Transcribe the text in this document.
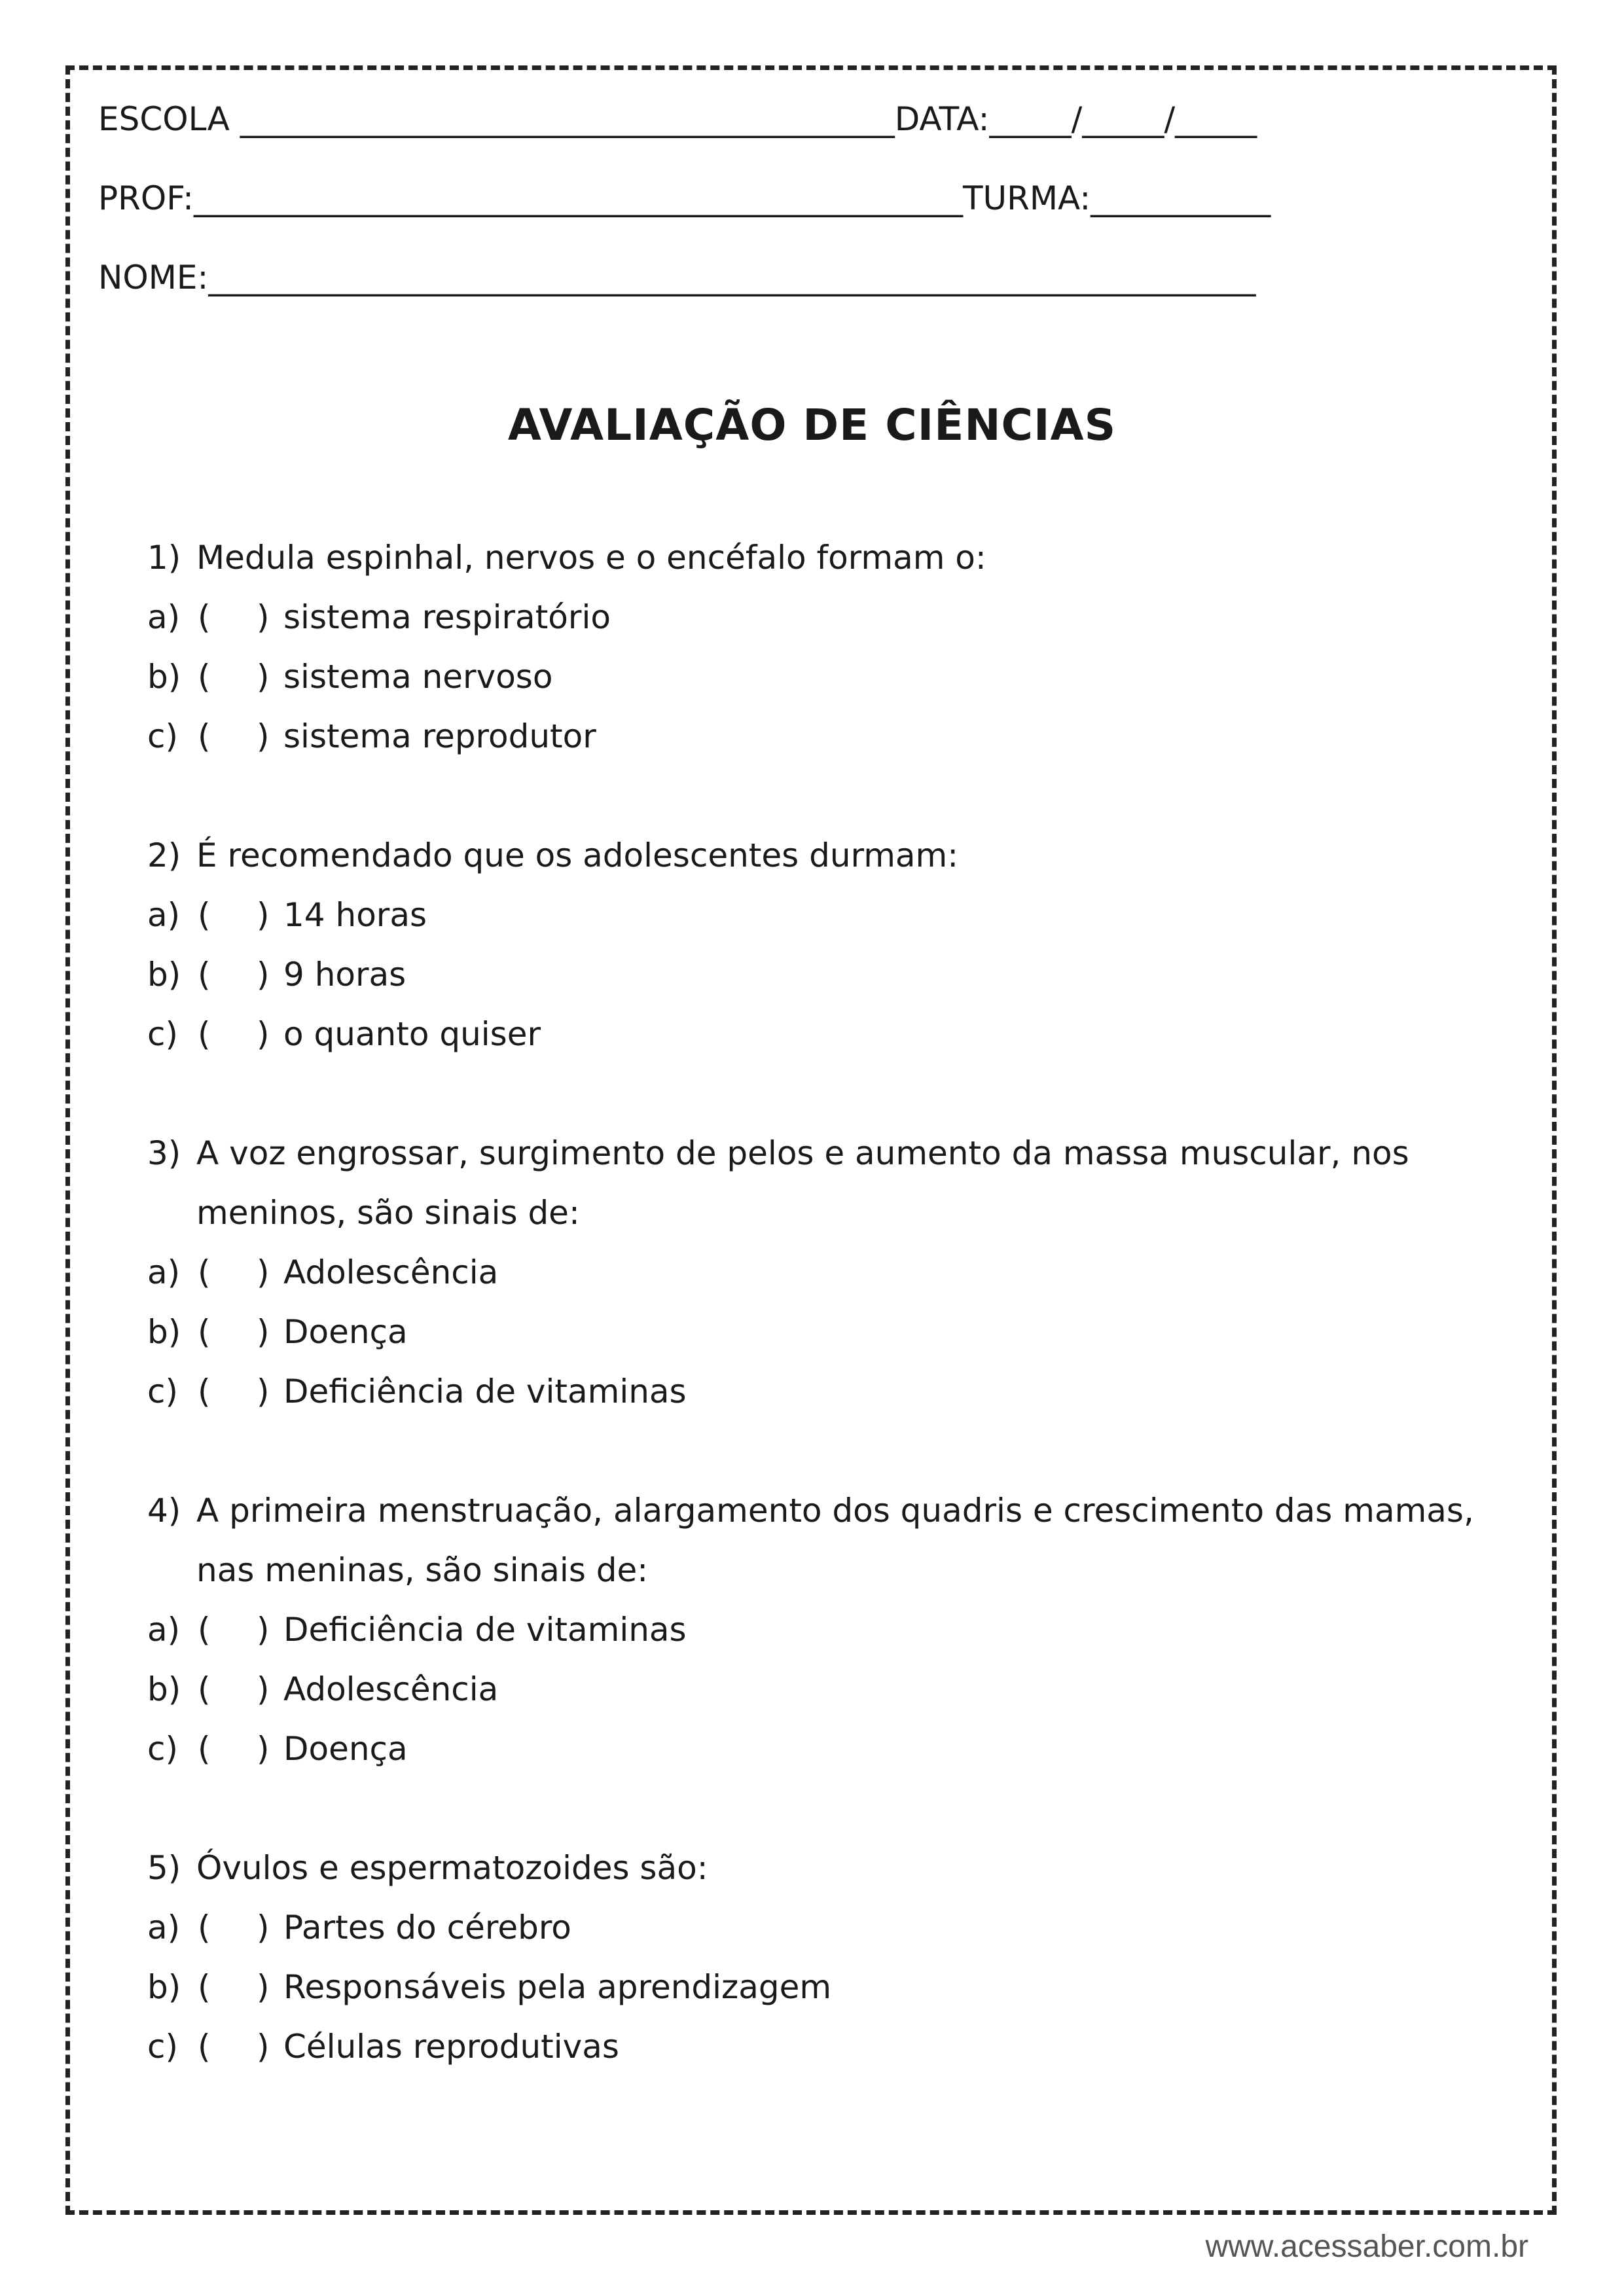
ESCOLA ________________________________________DATA:_____/_____/_____
PROF:_______________________________________________TURMA:___________
NOME:________________________________________________________________
AVALIAÇÃO DE CIÊNCIAS
1) Medula espinhal, nervos e o encéfalo formam o:
a) ( ) sistema respiratório
b) ( ) sistema nervoso
c) ( ) sistema reprodutor
2) É recomendado que os adolescentes durmam:
a) ( ) 14 horas
b) ( ) 9 horas
c) ( ) o quanto quiser
3) A voz engrossar, surgimento de pelos e aumento da massa muscular, nos
meninos, são sinais de:
a) ( ) Adolescência
b) ( ) Doença
c) ( ) Deficiência de vitaminas
4) A primeira menstruação, alargamento dos quadris e crescimento das mamas,
nas meninas, são sinais de:
a) ( ) Deficiência de vitaminas
b) ( ) Adolescência
c) ( ) Doença
5) Óvulos e espermatozoides são:
a) ( ) Partes do cérebro
b) ( ) Responsáveis pela aprendizagem
c) ( ) Células reprodutivas
www.acessaber.com.br
